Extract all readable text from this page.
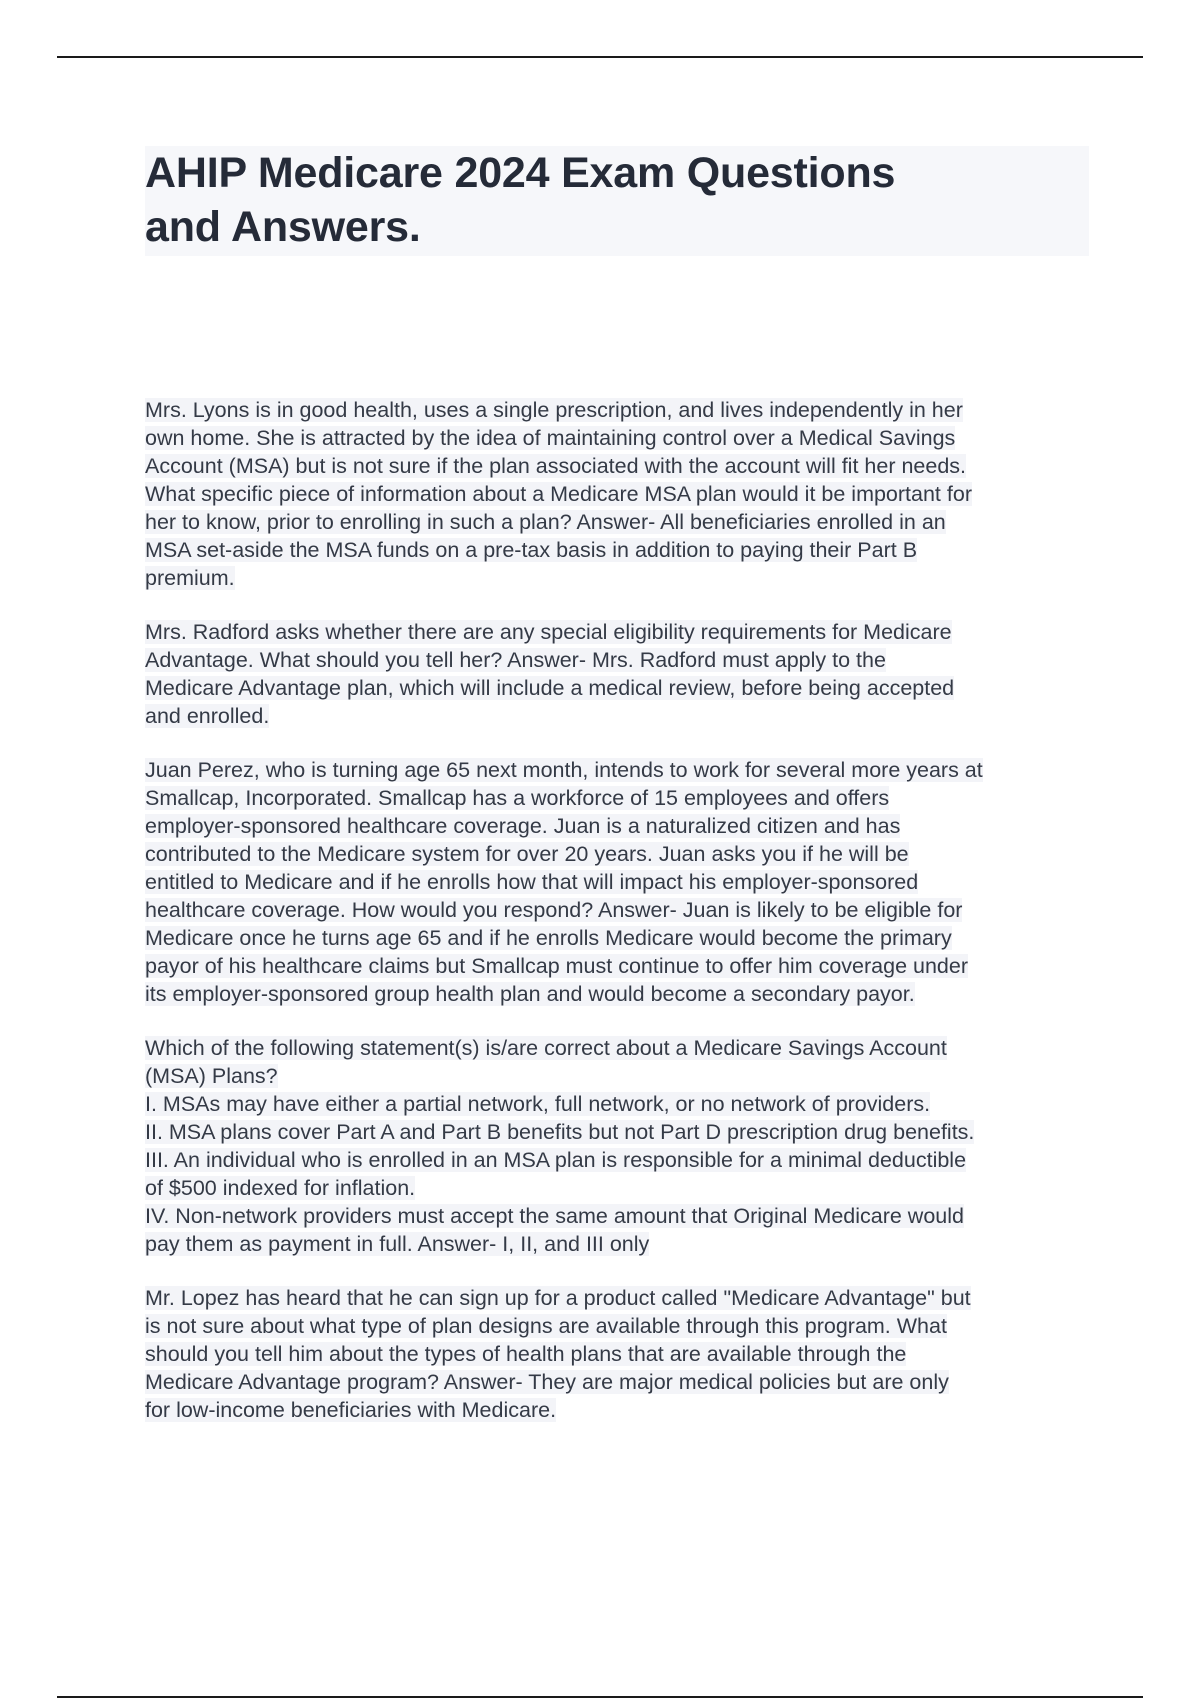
AHIP Medicare 2024 Exam Questions
and Answers.

Mrs. Lyons is in good health, uses a single prescription, and lives independently in her
own home. She is attracted by the idea of maintaining control over a Medical Savings
Account (MSA) but is not sure if the plan associated with the account will fit her needs.
What specific piece of information about a Medicare MSA plan would it be important for
her to know, prior to enrolling in such a plan? Answer- All beneficiaries enrolled in an
MSA set-aside the MSA funds on a pre-tax basis in addition to paying their Part B
premium.

Mrs. Radford asks whether there are any special eligibility requirements for Medicare
Advantage. What should you tell her? Answer- Mrs. Radford must apply to the
Medicare Advantage plan, which will include a medical review, before being accepted
and enrolled.

Juan Perez, who is turning age 65 next month, intends to work for several more years at
Smallcap, Incorporated. Smallcap has a workforce of 15 employees and offers
employer-sponsored healthcare coverage. Juan is a naturalized citizen and has
contributed to the Medicare system for over 20 years. Juan asks you if he will be
entitled to Medicare and if he enrolls how that will impact his employer-sponsored
healthcare coverage. How would you respond? Answer- Juan is likely to be eligible for
Medicare once he turns age 65 and if he enrolls Medicare would become the primary
payor of his healthcare claims but Smallcap must continue to offer him coverage under
its employer-sponsored group health plan and would become a secondary payor.

Which of the following statement(s) is/are correct about a Medicare Savings Account
(MSA) Plans?
I. MSAs may have either a partial network, full network, or no network of providers.
II. MSA plans cover Part A and Part B benefits but not Part D prescription drug benefits.
III. An individual who is enrolled in an MSA plan is responsible for a minimal deductible
of $500 indexed for inflation.
IV. Non-network providers must accept the same amount that Original Medicare would
pay them as payment in full. Answer- I, II, and III only

Mr. Lopez has heard that he can sign up for a product called "Medicare Advantage" but
is not sure about what type of plan designs are available through this program. What
should you tell him about the types of health plans that are available through the
Medicare Advantage program? Answer- They are major medical policies but are only
for low-income beneficiaries with Medicare.
